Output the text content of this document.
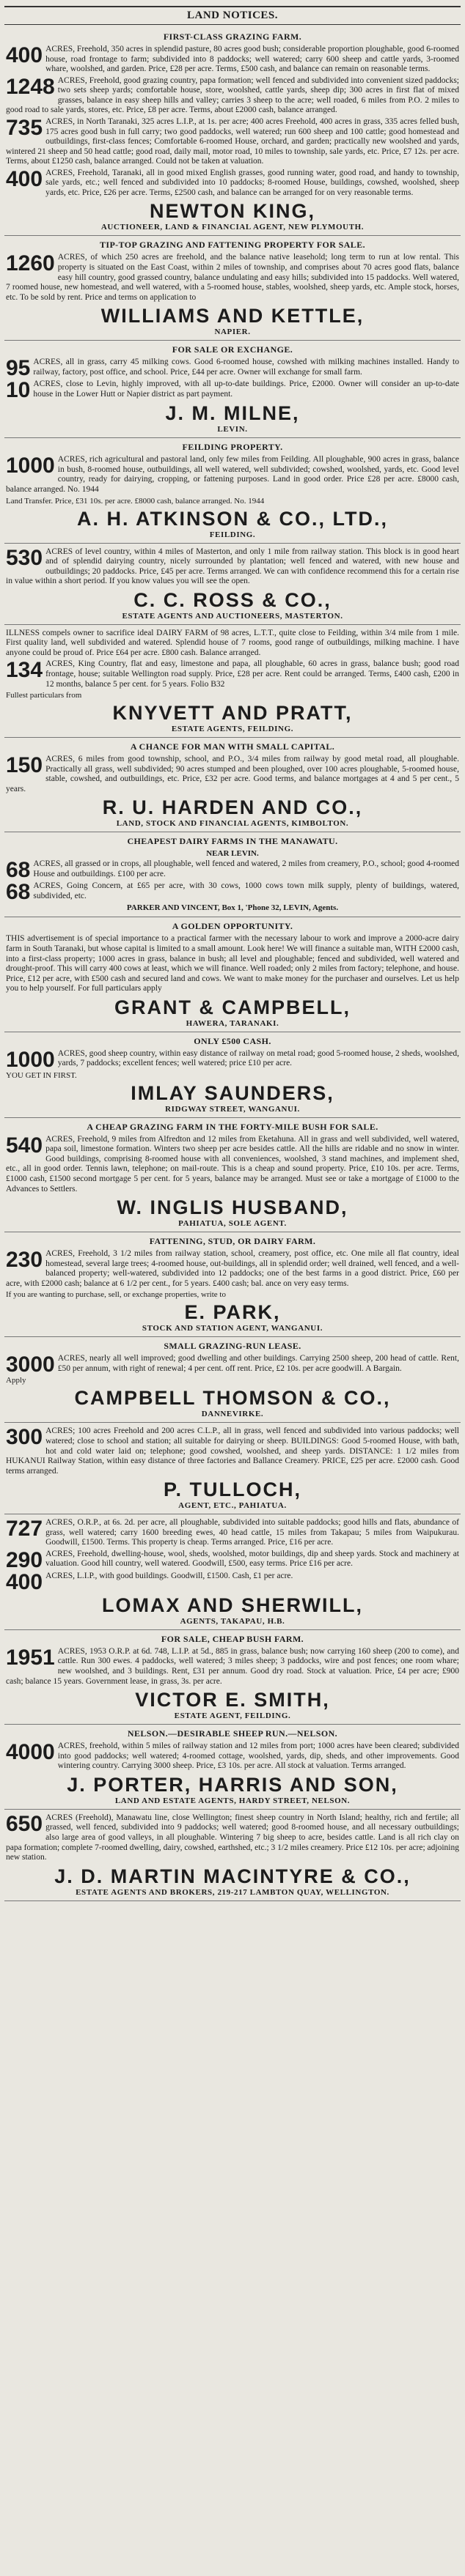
LAND NOTICES.
FIRST-CLASS GRAZING FARM.
400 ACRES, Freehold, 350 acres in splendid pasture, 80 acres good bush; considerable proportion ploughable, good 6-roomed house, road frontage to farm; subdivided into 8 paddocks; well watered; carry 600 sheep and cattle yards, 3-roomed whare, woolshed, and garden. Price, £28 per acre. Terms, £500 cash, and balance can remain on reasonable terms.
1248 ACRES, Freehold, good grazing country, papa formation; well fenced and subdivided into convenient sized paddocks; two sets sheep yards; comfortable house, store, woolshed, cattle yards, sheep dip; 300 acres in first flat of mixed grasses, balance in easy sheep hills and valley; carries 3 sheep to the acre; well roaded, 6 miles from P.O. 2 miles to good road to sale yards, stores, etc. Price, £8 per acre. Terms, about £2000 cash, balance arranged.
735 ACRES, in North Taranaki, 325 acres L.I.P., at 1s. per acre; 400 acres Freehold, 400 acres in grass, 335 acres felled bush, 175 acres good bush in full carry; two good paddocks, well watered; run 600 sheep and 100 cattle; good homestead and outbuildings, first-class fences; Comfortable 6-roomed House, orchard, and garden; practically new woolshed and yards, wintered 21 sheep and 50 head cattle; good road, daily mail, motor road, 10 miles to township, sale yards, etc. Price, £7 12s. per acre. Terms, about £1250 cash, balance arranged. Could not be taken at valuation.
400 ACRES, Freehold, Taranaki, all in good mixed English grasses, good running water, good road, and handy to township, sale yards, etc.; well fenced and subdivided into 10 paddocks; 8-roomed House, buildings, cowshed, woolshed, sheep yards, etc. Price, £26 per acre. Terms, £2500 cash, and balance can be arranged for on very reasonable terms.
NEWTON KING,
AUCTIONEER, LAND & FINANCIAL AGENT, NEW PLYMOUTH.
TIP-TOP GRAZING AND FATTENING PROPERTY FOR SALE.
1260 ACRES, of which 250 acres are freehold, and the balance native leasehold; long term to run at low rental. This property is situated on the East Coast, within 2 miles of township, and comprises about 70 acres good flats, balance easy hill country, good grassed country, balance undulating and easy hills; subdivided into 15 paddocks. Well watered, 7 roomed house, new homestead, and well watered, with a 5-roomed house, stables, woolshed, sheep yards, etc. Ample stock, horses, etc. To be sold by rent. Price and terms on application to
WILLIAMS AND KETTLE,
NAPIER.
FOR SALE OR EXCHANGE.
95 ACRES, all in grass, carry 45 milking cows. Good 6-roomed house, cowshed with milking machines installed. Handy to railway, factory, post office, and school. Price, £44 per acre. Owner will exchange for small farm.
10 ACRES, close to Levin, highly improved, with all up-to-date buildings. Price, £2000. Owner will consider an up-to-date house in the Lower Hutt or Napier district as part payment.
J. M. MILNE,
LEVIN.
FEILDING PROPERTY.
1000 ACRES, rich agricultural and pastoral land, only few miles from Feilding. All ploughable, 900 acres in grass, balance in bush, 8-roomed house, outbuildings, all well watered, well subdivided; cowshed, woolshed, yards, etc. Good level country, ready for dairying, cropping, or fattening purposes. Land in good order. Price £28 per acre. £8000 cash, balance arranged. No. 1944
Land Transfer. Price, £31 10s. per acre. £8000 cash, balance arranged. No. 1944
A. H. ATKINSON & CO., LTD.,
FEILDING.
530 ACRES of level country, within 4 miles of Masterton, and only 1 mile from railway station. This block is in good heart and of splendid dairying country, nicely surrounded by plantation; well fenced and watered, with new house and outbuildings; 20 paddocks. Price, £45 per acre. Terms arranged. We can with confidence recommend this for a certain rise in value within a short period. If you know values you will see the open.
C. C. ROSS & CO.,
ESTATE AGENTS AND AUCTIONEERS, MASTERTON.
ILLNESS compels owner to sacrifice ideal DAIRY FARM of 98 acres, L.T.T., quite close to Feilding, within 3/4 mile from 1 mile. First quality land, well subdivided and watered. Splendid house of 7 rooms, good range of outbuildings, milking machine. I have anyone could be proud of. Price £64 per acre. £800 cash. Balance arranged.
134 ACRES, King Country, flat and easy, limestone and papa, all ploughable, 60 acres in grass, balance bush; good road frontage, house; suitable Wellington road supply. Price, £28 per acre. Rent could be arranged. Terms, £400 cash, £200 in 12 months, balance 5 per cent. for 5 years. Folio B32
Fullest particulars from
KNYVETT AND PRATT,
ESTATE AGENTS, FEILDING.
A CHANCE FOR MAN WITH SMALL CAPITAL.
150 ACRES, 6 miles from good township, school, and P.O., 3/4 miles from railway by good metal road, all ploughable. Practically all grass, well subdivided; 90 acres stumped and been ploughed, over 100 acres ploughable, 5-roomed house, stable, cowshed, and outbuildings, etc. Price, £32 per acre. Good terms, and balance mortgages at 4 and 5 per cent., 5 years.
R. U. HARDEN AND CO.,
LAND, STOCK AND FINANCIAL AGENTS, KIMBOLTON.
CHEAPEST DAIRY FARMS IN THE MANAWATU.
NEAR LEVIN.
68 ACRES, all grassed or in crops, all ploughable, well fenced and watered, 2 miles from creamery, P.O., school; good 4-roomed House and outbuildings. £100 per acre.
68 ACRES, Going Concern, at £65 per acre, with 30 cows, 1000 cows town milk supply, plenty of buildings, watered, subdivided, etc.
PARKER AND VINCENT, Box 1, 'Phone 32, LEVIN, Agents.
A GOLDEN OPPORTUNITY.
THIS advertisement is of special importance to a practical farmer with the necessary labour to work and improve a 2000-acre dairy farm in South Taranaki, but whose capital is limited to a small amount. Look here! We will finance a suitable man, WITH £2000 cash, into a first-class property; 1000 acres in grass, balance in bush; all level and ploughable; fenced and subdivided, well watered and drought-proof. This will carry 400 cows at least, which we will finance. Well roaded; only 2 miles from factory; telephone, and house. Price, £12 per acre, with £500 cash and secured land and cows. We want to make money for the purchaser and ourselves. Let us help you to help yourself. For full particulars apply
GRANT & CAMPBELL,
HAWERA, TARANAKI.
ONLY £500 CASH.
1000 ACRES, good sheep country, within easy distance of railway on metal road; good 5-roomed house, 2 sheds, woolshed, yards, 7 paddocks; excellent fences; well watered; price £10 per acre.
YOU GET IN FIRST.
IMLAY SAUNDERS,
RIDGWAY STREET, WANGANUI.
A CHEAP GRAZING FARM IN THE FORTY-MILE BUSH FOR SALE.
540 ACRES, Freehold, 9 miles from Alfredton and 12 miles from Eketahuna. All in grass and well subdivided, well watered, papa soil, limestone formation. Winters two sheep per acre besides cattle. All the hills are ridable and no snow in winter. Good buildings, comprising 8-roomed house with all conveniences, woolshed, 3 stand machines, and implement shed, etc., all in good order. Tennis lawn, telephone; on mail-route. This is a cheap and sound property. Price, £10 10s. per acre. Terms, £1000 cash, £1500 second mortgage 5 per cent. for 5 years, balance may be arranged. Must see or take a mortgage of £1000 to the Advances to Settlers.
W. INGLIS HUSBAND,
PAHIATUA, SOLE AGENT.
FATTENING, STUD, OR DAIRY FARM.
230 ACRES, Freehold, 3 1/2 miles from railway station, school, creamery, post office, etc. One mile all flat country, ideal homestead, several large trees; 4-roomed house, out-buildings, all in splendid order; well drained, well fenced, and a well-balanced property; well-watered, subdivided into 12 paddocks; one of the best farms in a good district. Price, £60 per acre, with £2000 cash; balance at 6 1/2 per cent., for 5 years. £400 cash; bal. ance on very easy terms.
If you are wanting to purchase, sell, or exchange properties, write to
E. PARK,
STOCK AND STATION AGENT, WANGANUI.
SMALL GRAZING-RUN LEASE.
3000 ACRES, nearly all well improved; good dwelling and other buildings. Carrying 2500 sheep, 200 head of cattle. Rent, £50 per annum, with right of renewal; 4 per cent. off rent. Price, £2 10s. per acre goodwill. A Bargain.
Apply
CAMPBELL THOMSON & CO.,
DANNEVIRKE.
300 ACRES; 100 acres Freehold and 200 acres C.L.P., all in grass, well fenced and subdivided into various paddocks; well watered; close to school and station; all suitable for dairying or sheep. BUILDINGS: Good 5-roomed House, with bath, hot and cold water laid on; telephone; good cowshed, woolshed, and sheep yards. DISTANCE: 1 1/2 miles from HUKANUI Railway Station, within easy distance of three factories and Ballance Creamery. PRICE, £25 per acre. £2000 cash. Good terms arranged.
P. TULLOCH,
AGENT, ETC., PAHIATUA.
727 ACRES, O.R.P., at 6s. 2d. per acre, all ploughable, subdivided into suitable paddocks; good hills and flats, abundance of grass, well watered; carry 1600 breeding ewes, 40 head cattle, 15 miles from Takapau; 5 miles from Waipukurau. Goodwill, £1500. Terms. This property is cheap. Terms arranged. Price, £16 per acre.
290 ACRES, Freehold, dwelling-house, wool, sheds, woolshed, motor buildings, dip and sheep yards. Stock and machinery at valuation. Good hill country, well watered. Goodwill, £500, easy terms. Price £16 per acre.
400 ACRES, L.I.P., with good buildings. Goodwill, £1500. Cash, £1 per acre.
LOMAX AND SHERWILL,
AGENTS, TAKAPAU, H.B.
FOR SALE, CHEAP BUSH FARM.
1951 ACRES, 1953 O.R.P. at 6d. 748, L.I.P. at 5d., 885 in grass, balance bush; now carrying 160 sheep (200 to come), and cattle. Run 300 ewes. 4 paddocks, well watered; 3 miles sheep; 3 paddocks, wire and post fences; one room whare; new woolshed, and 3 buildings. Rent, £31 per annum. Good dry road. Stock at valuation. Price, £4 per acre; £900 cash; balance 15 years. Government lease, in grass, 3s. per acre.
VICTOR E. SMITH,
ESTATE AGENT, FEILDING.
NELSON.—DESIRABLE SHEEP RUN.—NELSON.
4000 ACRES, freehold, within 5 miles of railway station and 12 miles from port; 1000 acres have been cleared; subdivided into good paddocks; well watered; 4-roomed cottage, woolshed, yards, dip, sheds, and other improvements. Good wintering country. Carrying 3000 sheep. Price, £3 10s. per acre. All stock at valuation. Terms arranged.
J. PORTER, HARRIS AND SON,
LAND AND ESTATE AGENTS, HARDY STREET, NELSON.
650 ACRES (Freehold), Manawatu line, close Wellington; finest sheep country in North Island; healthy, rich and fertile; all grassed, well fenced, subdivided into 9 paddocks; well watered; good 8-roomed house, and all necessary outbuildings; also large area of good valleys, in all ploughable. Wintering 7 big sheep to acre, besides cattle. Land is all rich clay on papa formation; complete 7-roomed dwelling, dairy, cowshed, earthshed, etc.; 3 1/2 miles creamery. Price £12 10s. per acre; adjoining new station.
J. D. MARTIN MACINTYRE & CO.,
ESTATE AGENTS AND BROKERS, 219-217 LAMBTON QUAY, WELLINGTON.
